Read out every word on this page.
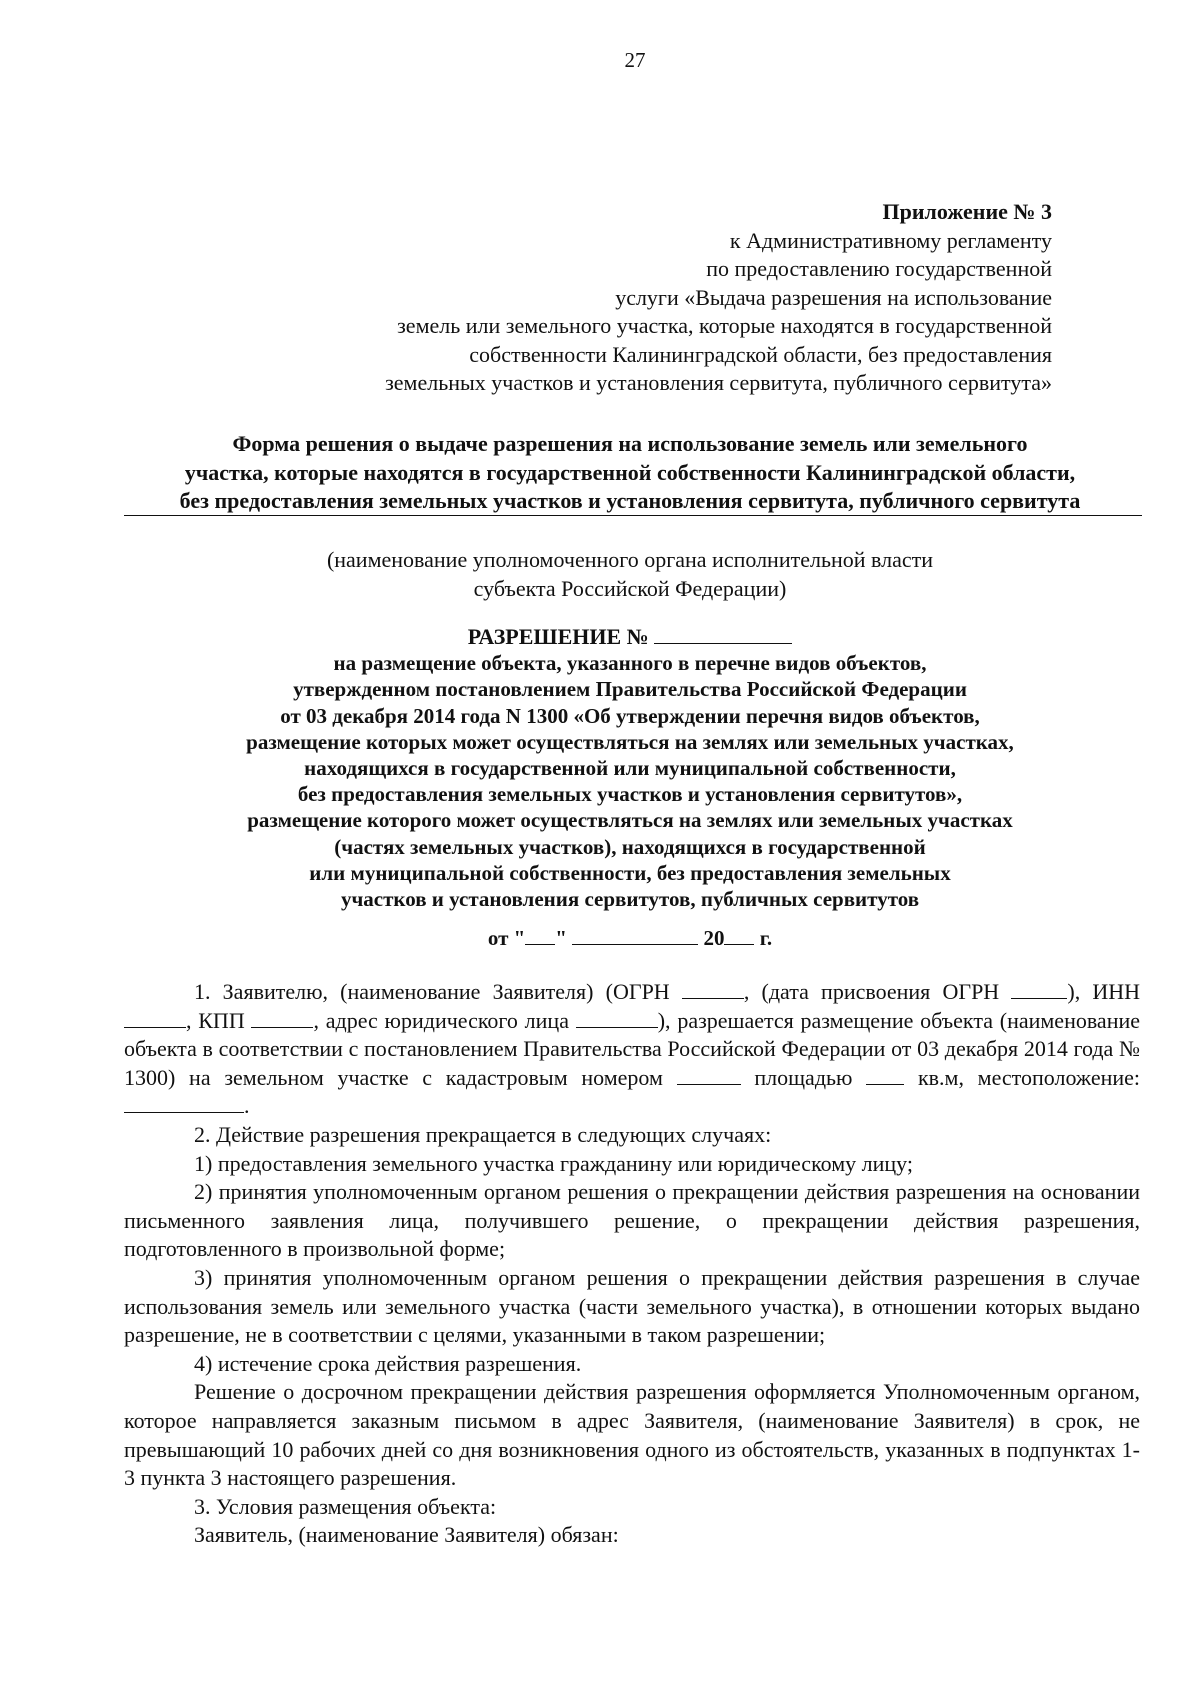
27
Приложение № 3
к Административному регламенту
по предоставлению государственной
услуги «Выдача разрешения на использование
земель или земельного участка, которые находятся в государственной
собственности Калининградской области, без предоставления
земельных участков и установления сервитута, публичного сервитута»
Форма решения о выдаче разрешения на использование земель или земельного
участка, которые находятся в государственной собственности Калининградской области,
без предоставления земельных участков и установления сервитута, публичного сервитута
(наименование уполномоченного органа исполнительной власти
субъекта Российской Федерации)
РАЗРЕШЕНИЕ №
на размещение объекта, указанного в перечне видов объектов,
утвержденном постановлением Правительства Российской Федерации
от 03 декабря 2014 года N 1300 «Об утверждении перечня видов объектов,
размещение которых может осуществляться на землях или земельных участках,
находящихся в государственной или муниципальной собственности,
без предоставления земельных участков и установления сервитутов»,
размещение которого может осуществляться на землях или земельных участках
(частях земельных участков), находящихся в государственной
или муниципальной собственности, без предоставления земельных
участков и установления сервитутов, публичных сервитутов
от " "	20 г.

1. Заявителю, (наименование Заявителя) (ОГРН	, (дата присвоения ОГРН	), ИНН , КПП	, адрес юридического лица	), разрешается размещение объекта (наименование объекта в соответствии с постановлением Правительства Российской Федерации от 03 декабря 2014 года № 1300) на земельном участке с кадастровым номером	площадью	кв.м, местоположение: .

2. Действие разрешения прекращается в следующих случаях:

1) предоставления земельного участка гражданину или юридическому лицу;

2) принятия уполномоченным органом решения о прекращении действия разрешения на основании письменного заявления лица, получившего решение, о прекращении действия разрешения, подготовленного в произвольной форме;

3) принятия уполномоченным органом решения о прекращении действия разрешения в случае использования земель или земельного участка (части земельного участка), в отношении которых выдано разрешение, не в соответствии с целями, указанными в таком разрешении;

4) истечение срока действия разрешения.

Решение о досрочном прекращении действия разрешения оформляется Уполномоченным органом, которое направляется заказным письмом в адрес Заявителя, (наименование Заявителя) в срок, не превышающий 10 рабочих дней со дня возникновения одного из обстоятельств, указанных в подпунктах 1-3 пункта 3 настоящего разрешения.

3. Условия размещения объекта:

Заявитель, (наименование Заявителя) обязан:
